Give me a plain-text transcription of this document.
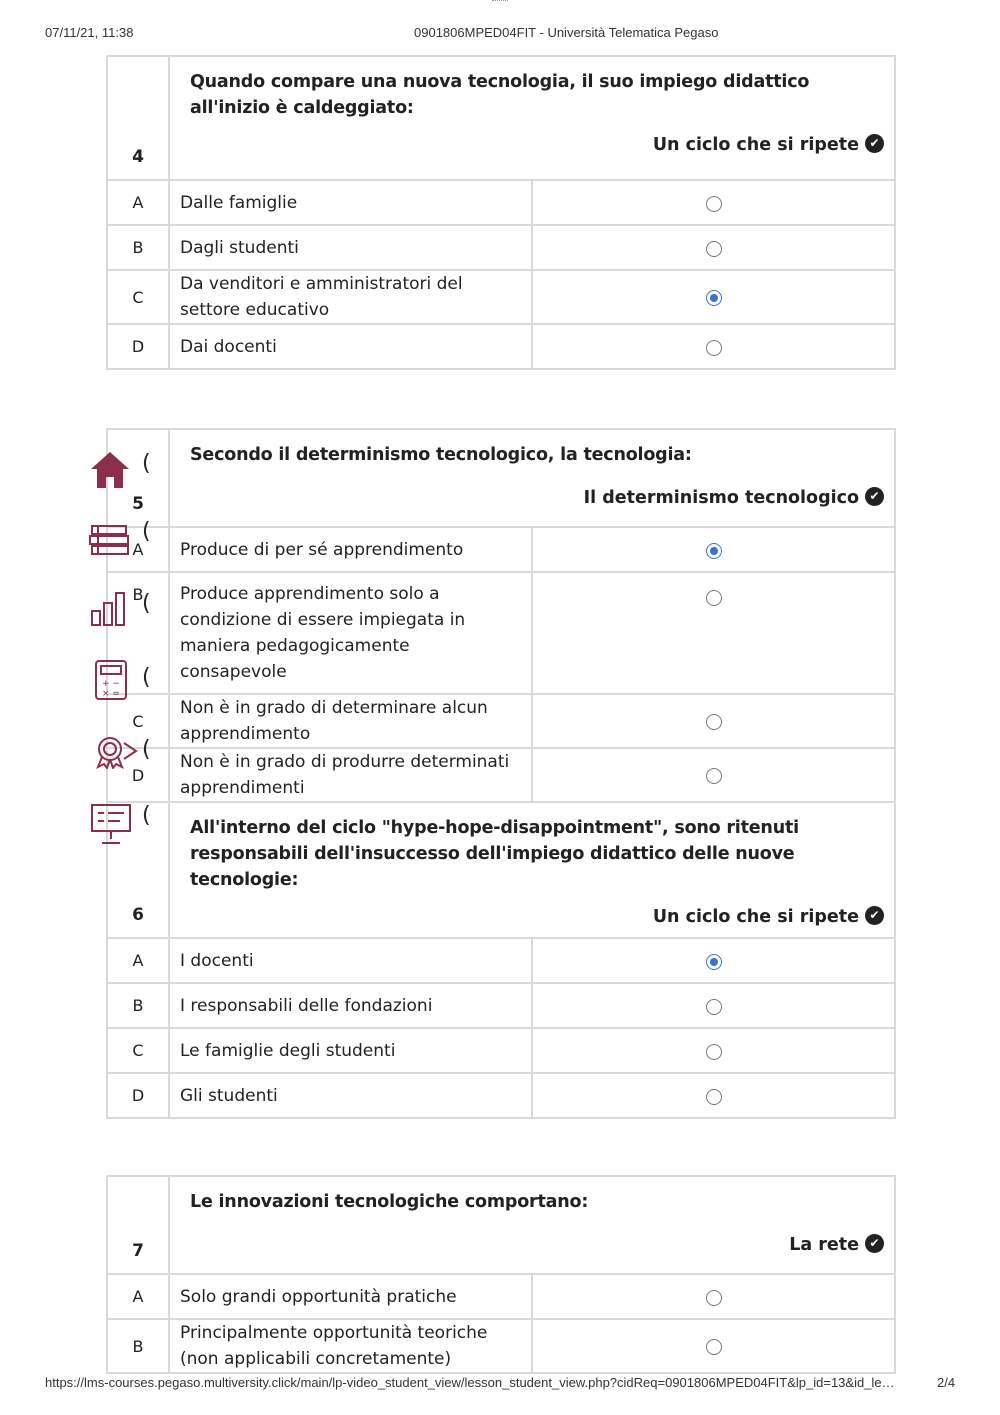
07/11/21, 11:38	0901806MPED04FIT - Università Telematica Pegaso
4	Quando compare una nuova tecnologia, il suo impiego didattico all'inizio è caldeggiato:
Un ciclo che si ripete ✔	

A	Dalle famiglie	
B	Dagli studenti	
C	Da venditori e amministratori del settore educativo	
D	Dai docenti	
5	Secondo il determinismo tecnologico, la tecnologia:
Il determinismo tecnologico ✔	

A	Produce di per sé apprendimento	
B	Produce apprendimento solo a condizione di essere impiegata in maniera pedagogicamente consapevole	
C	Non è in grado di determinare alcun apprendimento	
D	Non è in grado di produrre determinati apprendimenti	
6	All'interno del ciclo "hype-hope-disappointment", sono ritenuti responsabili dell'insuccesso dell'impiego didattico delle nuove tecnologie:
Un ciclo che si ripete ✔	

A	I docenti	
B	I responsabili delle fondazioni	
C	Le famiglie degli studenti	
D	Gli studenti	
7	Le innovazioni tecnologiche comportano:
La rete ✔	

A	Solo grandi opportunità pratiche	
B	Principalmente opportunità teoriche (non applicabili concretamente)	
(
(
(
+ −
× =
(
(
(
https://lms-courses.pegaso.multiversity.click/main/lp-video_student_view/lesson_student_view.php?cidReq=0901806MPED04FIT&lp_id=13&id_le…	2/4
